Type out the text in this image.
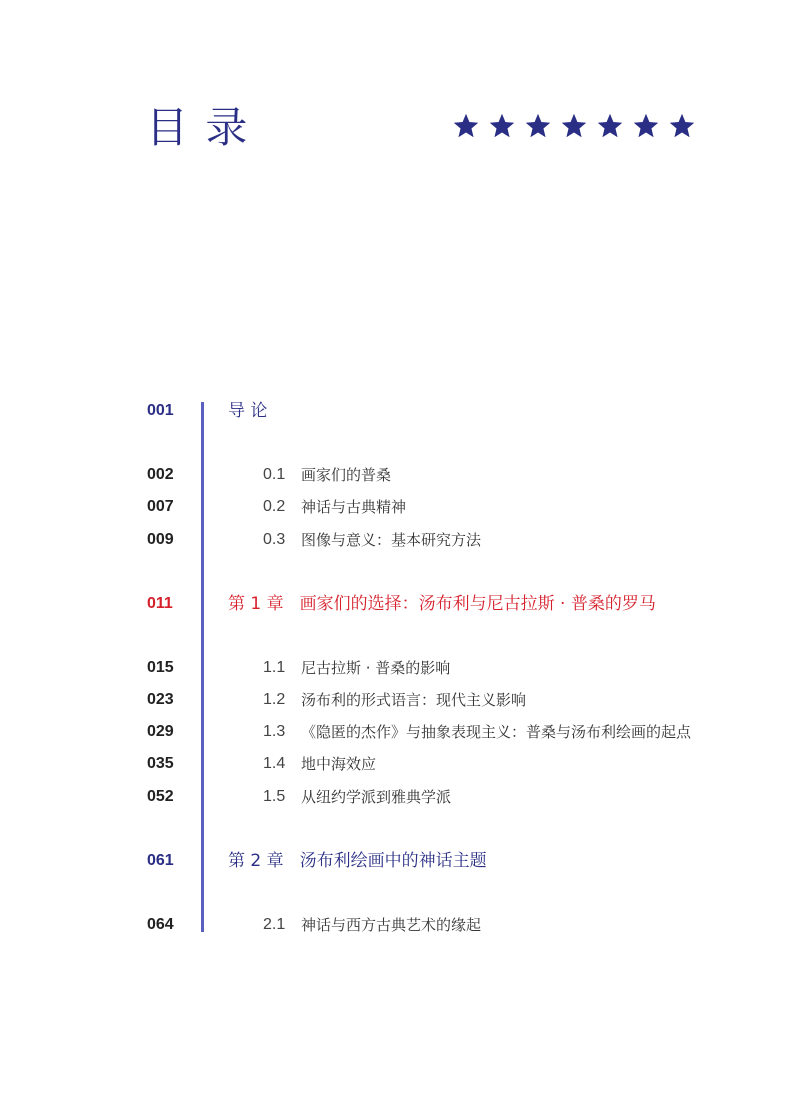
目 录
001	导 论
002	0.1 画家们的普桑
007	0.2 神话与古典精神
009	0.3 图像与意义：基本研究方法
011	第 1 章 画家们的选择：汤布利与尼古拉斯 · 普桑的罗马
015	1.1 尼古拉斯 · 普桑的影响
023	1.2 汤布利的形式语言：现代主义影响
029	1.3 《隐匿的杰作》与抽象表现主义：普桑与汤布利绘画的起点
035	1.4 地中海效应
052	1.5 从纽约学派到雅典学派
061	第 2 章 汤布利绘画中的神话主题
064	2.1 神话与西方古典艺术的缘起
